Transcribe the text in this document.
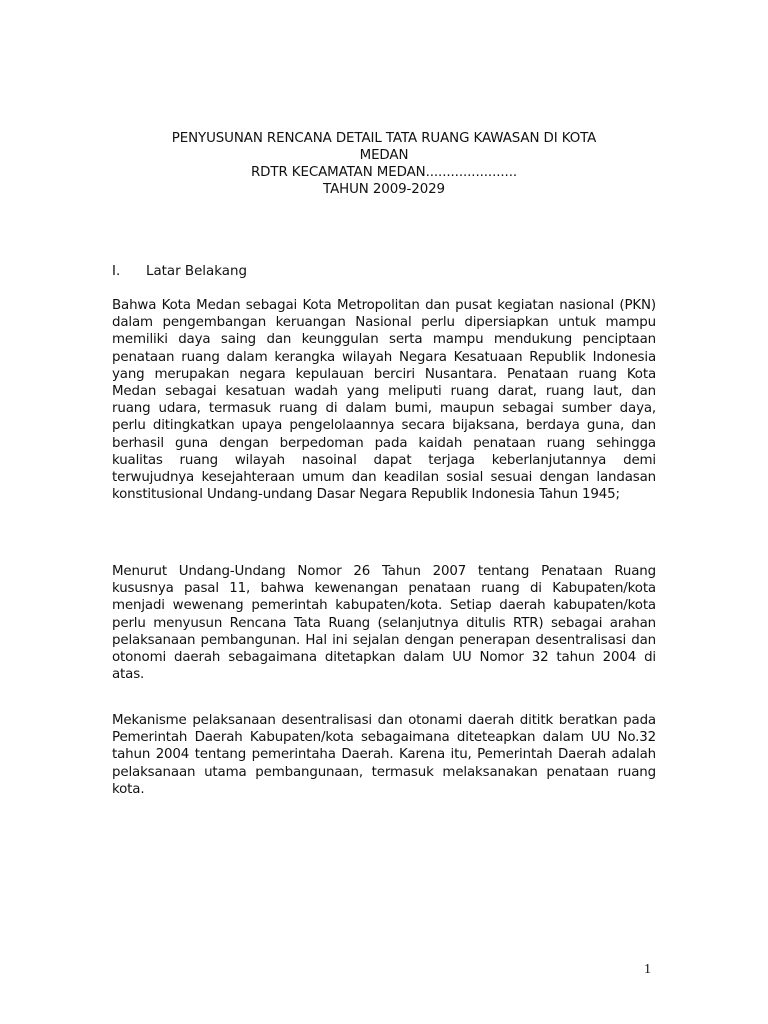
PENYUSUNAN RENCANA DETAIL TATA RUANG KAWASAN DI KOTA
MEDAN
RDTR KECAMATAN MEDAN......................
TAHUN 2009-2029
I. Latar Belakang
Bahwa Kota Medan sebagai Kota Metropolitan dan pusat kegiatan nasional (PKN)
dalam pengembangan keruangan Nasional perlu dipersiapkan untuk mampu
memiliki daya saing dan keunggulan serta mampu mendukung penciptaan
penataan ruang dalam kerangka wilayah Negara Kesatuaan Republik Indonesia
yang merupakan negara kepulauan berciri Nusantara. Penataan ruang Kota
Medan sebagai kesatuan wadah yang meliputi ruang darat, ruang laut, dan
ruang udara, termasuk ruang di dalam bumi, maupun sebagai sumber daya,
perlu ditingkatkan upaya pengelolaannya secara bijaksana, berdaya guna, dan
berhasil guna dengan berpedoman pada kaidah penataan ruang sehingga
kualitas ruang wilayah nasoinal dapat terjaga keberlanjutannya demi
terwujudnya kesejahteraan umum dan keadilan sosial sesuai dengan landasan
konstitusional Undang-undang Dasar Negara Republik Indonesia Tahun 1945;
Menurut Undang-Undang Nomor 26 Tahun 2007 tentang Penataan Ruang
kususnya pasal 11, bahwa kewenangan penataan ruang di Kabupaten/kota
menjadi wewenang pemerintah kabupaten/kota. Setiap daerah kabupaten/kota
perlu menyusun Rencana Tata Ruang (selanjutnya ditulis RTR) sebagai arahan
pelaksanaan pembangunan. Hal ini sejalan dengan penerapan desentralisasi dan
otonomi daerah sebagaimana ditetapkan dalam UU Nomor 32 tahun 2004 di
atas.
Mekanisme pelaksanaan desentralisasi dan otonami daerah dititk beratkan pada
Pemerintah Daerah Kabupaten/kota sebagaimana diteteapkan dalam UU No.32
tahun 2004 tentang pemerintaha Daerah. Karena itu, Pemerintah Daerah adalah
pelaksanaan utama pembangunaan, termasuk melaksanakan penataan ruang
kota.
1
